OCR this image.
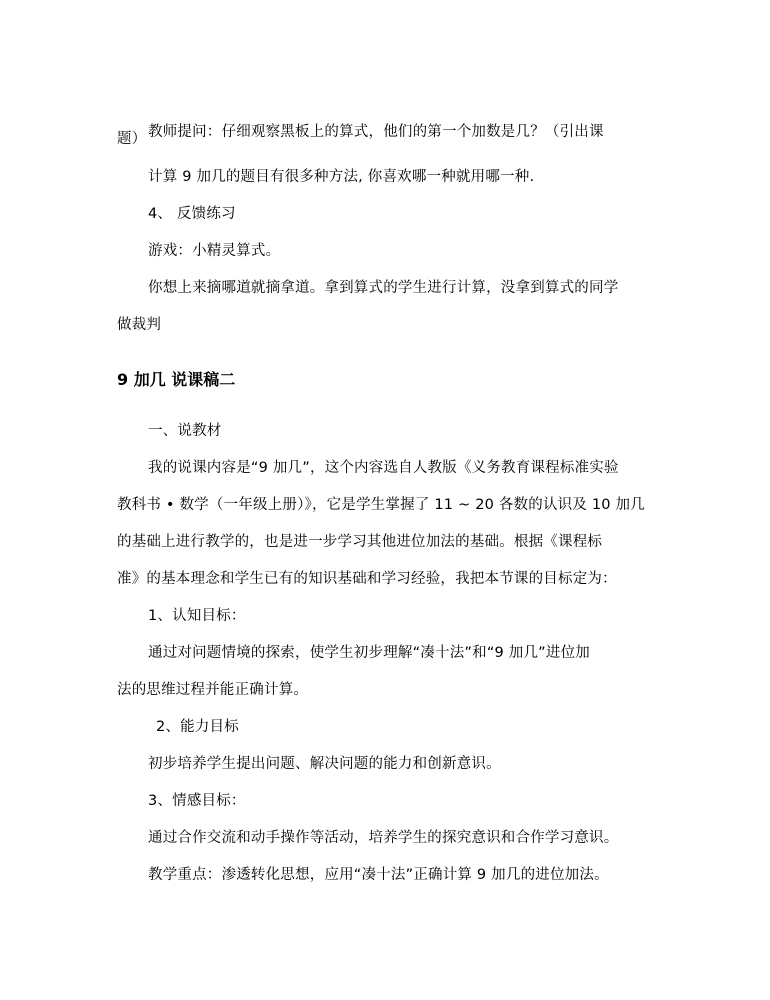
教师提问：仔细观察黑板上的算式，他们的第一个加数是几？（引出课
题）
计算 9 加几的题目有很多种方法, 你喜欢哪一种就用哪一种.
4、 反馈练习
游戏：小精灵算式。
你想上来摘哪道就摘拿道。拿到算式的学生进行计算，没拿到算式的同学
做裁判
9 加几 说课稿二
一、说教材
我的说课内容是“9 加几”，这个内容选自人教版《义务教育课程标准实验
教科书 • 数学（一年级上册）》，它是学生掌握了 11 ~ 20 各数的认识及 10 加几
的基础上进行教学的，也是进一步学习其他进位加法的基础。根据《课程标
准》的基本理念和学生已有的知识基础和学习经验，我把本节课的目标定为：
1、认知目标：
通过对问题情境的探索，使学生初步理解“凑十法”和“9 加几”进位加
法的思维过程并能正确计算。
2、能力目标
初步培养学生提出问题、解决问题的能力和创新意识。
3、情感目标：
通过合作交流和动手操作等活动，培养学生的探究意识和合作学习意识。
教学重点：渗透转化思想，应用“凑十法”正确计算 9 加几的进位加法。
